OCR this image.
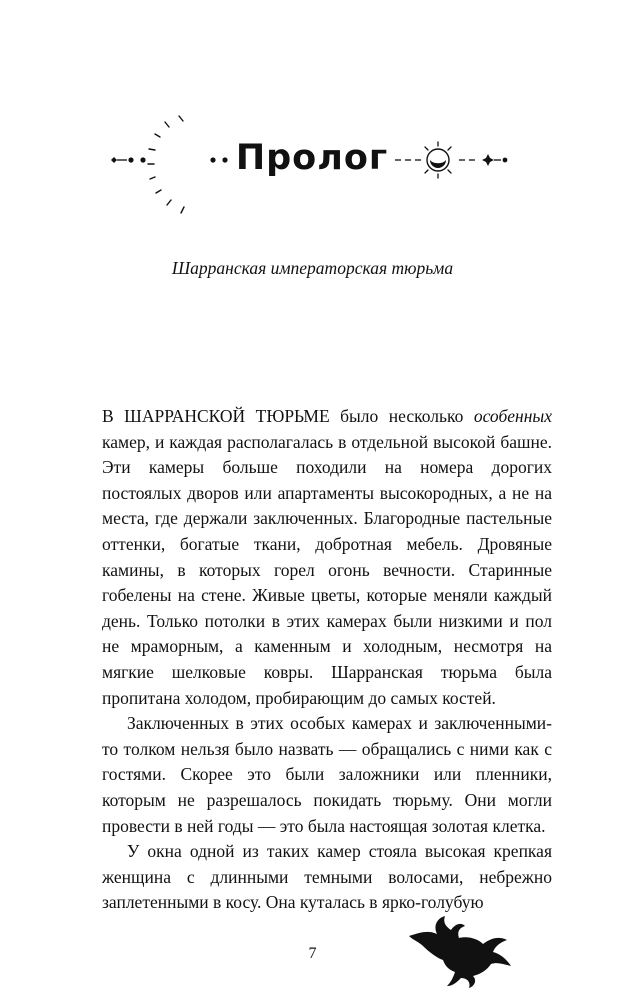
Пролог
Шарранская императорская тюрьма

В ШАРРАНСКОЙ ТЮРЬМЕ было несколько особенных камер, и каждая располагалась в отдельной высокой башне. Эти камеры больше походили на номера дорогих постоялых дворов или апартаменты высокородных, а не на места, где держали заключенных. Благородные пастельные оттенки, богатые ткани, добротная мебель. Дровяные камины, в которых горел огонь вечности. Старинные гобелены на стене. Живые цветы, которые меняли каждый день. Только потолки в этих камерах были низкими и пол не мраморным, а каменным и холодным, несмотря на мягкие шелковые ковры. Шарранская тюрьма была пропитана холодом, пробирающим до самых костей.

Заключенных в этих особых камерах и заключенными-то толком нельзя было назвать — обращались с ними как с гостями. Скорее это были заложники или пленники, которым не разрешалось покидать тюрьму. Они могли провести в ней годы — это была настоящая золотая клетка.

У окна одной из таких камер стояла высокая крепкая женщина с длинными темными волосами, небрежно заплетенными в косу. Она куталась в ярко-голубую

7
